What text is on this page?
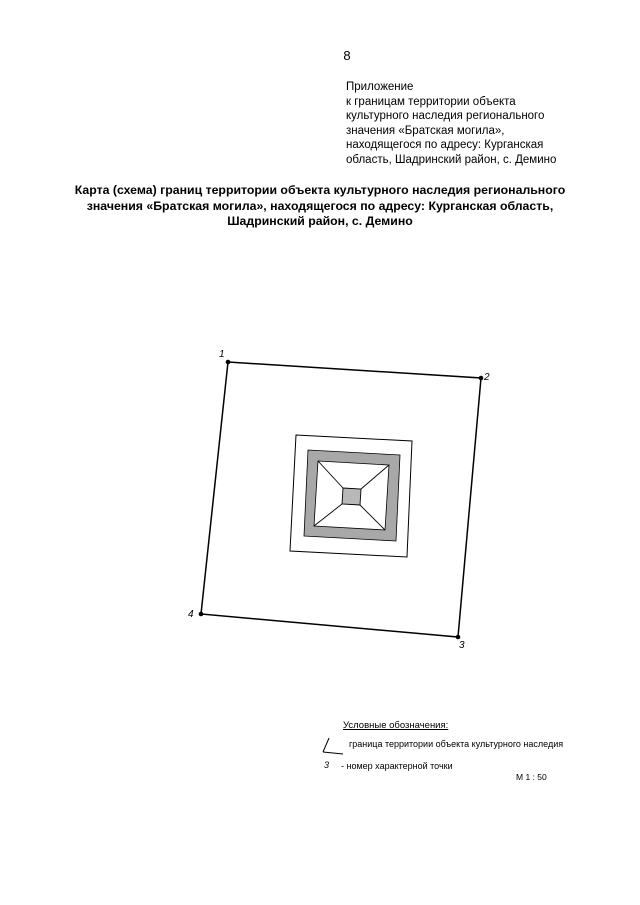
8
Приложение
к границам территории объекта
культурного наследия регионального
значения «Братская могила»,
находящегося по адресу: Курганская
область, Шадринский район, с. Демино
Карта (схема) границ территории объекта культурного наследия регионального
значения «Братская могила», находящегося по адресу: Курганская область,
Шадринский район, с. Демино
1
2
3
4
Условные обозначения:
граница территории объекта культурного наследия
3 - номер характерной точки
М 1 : 50
